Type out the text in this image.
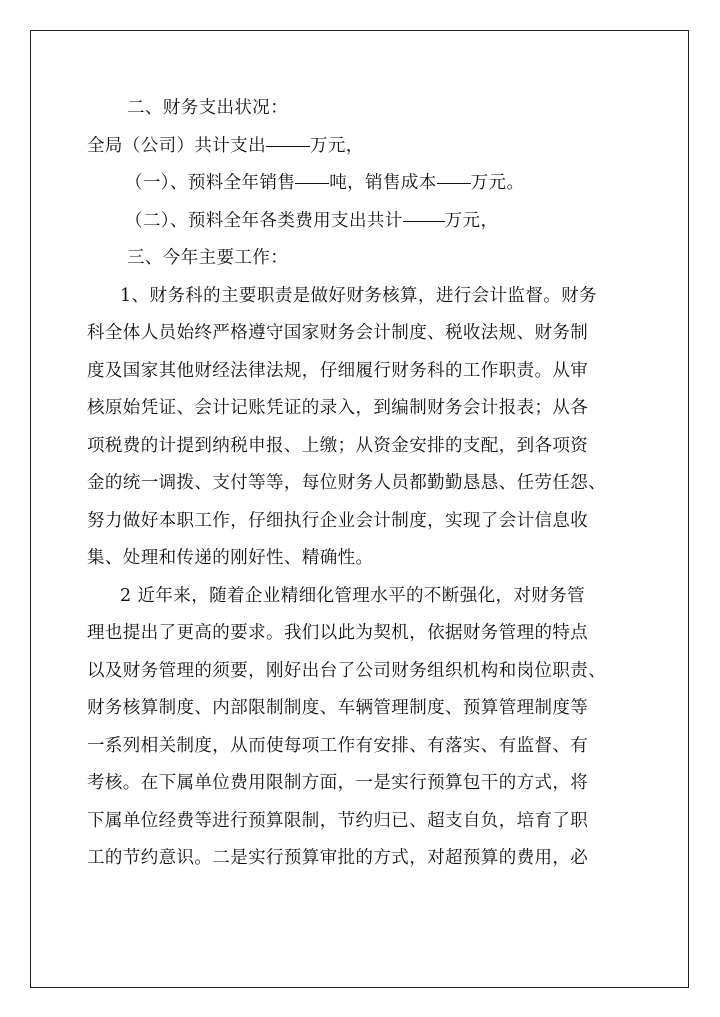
二、财务支出状况：
全局（公司）共计支出	万元，
（一）、预料全年销售 吨，销售成本 万元。
（二）、预料全年各类费用支出共计 万元，
三、今年主要工作：
1、财务科的主要职责是做好财务核算，进行会计监督。财务
科全体人员始终严格遵守国家财务会计制度、税收法规、财务制
度及国家其他财经法律法规，仔细履行财务科的工作职责。从审
核原始凭证、会计记账凭证的录入，到编制财务会计报表；从各
项税费的计提到纳税申报、上缴；从资金安排的支配，到各项资
金的统一调拨、支付等等，每位财务人员都勤勤恳恳、任劳任怨、
努力做好本职工作，仔细执行企业会计制度，实现了会计信息收
集、处理和传递的刚好性、精确性。
2 近年来，随着企业精细化管理水平的不断强化，对财务管
理也提出了更高的要求。我们以此为契机，依据财务管理的特点
以及财务管理的须要，刚好出台了公司财务组织机构和岗位职责、
财务核算制度、内部限制制度、车辆管理制度、预算管理制度等
一系列相关制度，从而使每项工作有安排、有落实、有监督、有
考核。在下属单位费用限制方面，一是实行预算包干的方式，将
下属单位经费等进行预算限制，节约归已、超支自负，培育了职
工的节约意识。二是实行预算审批的方式，对超预算的费用，必
